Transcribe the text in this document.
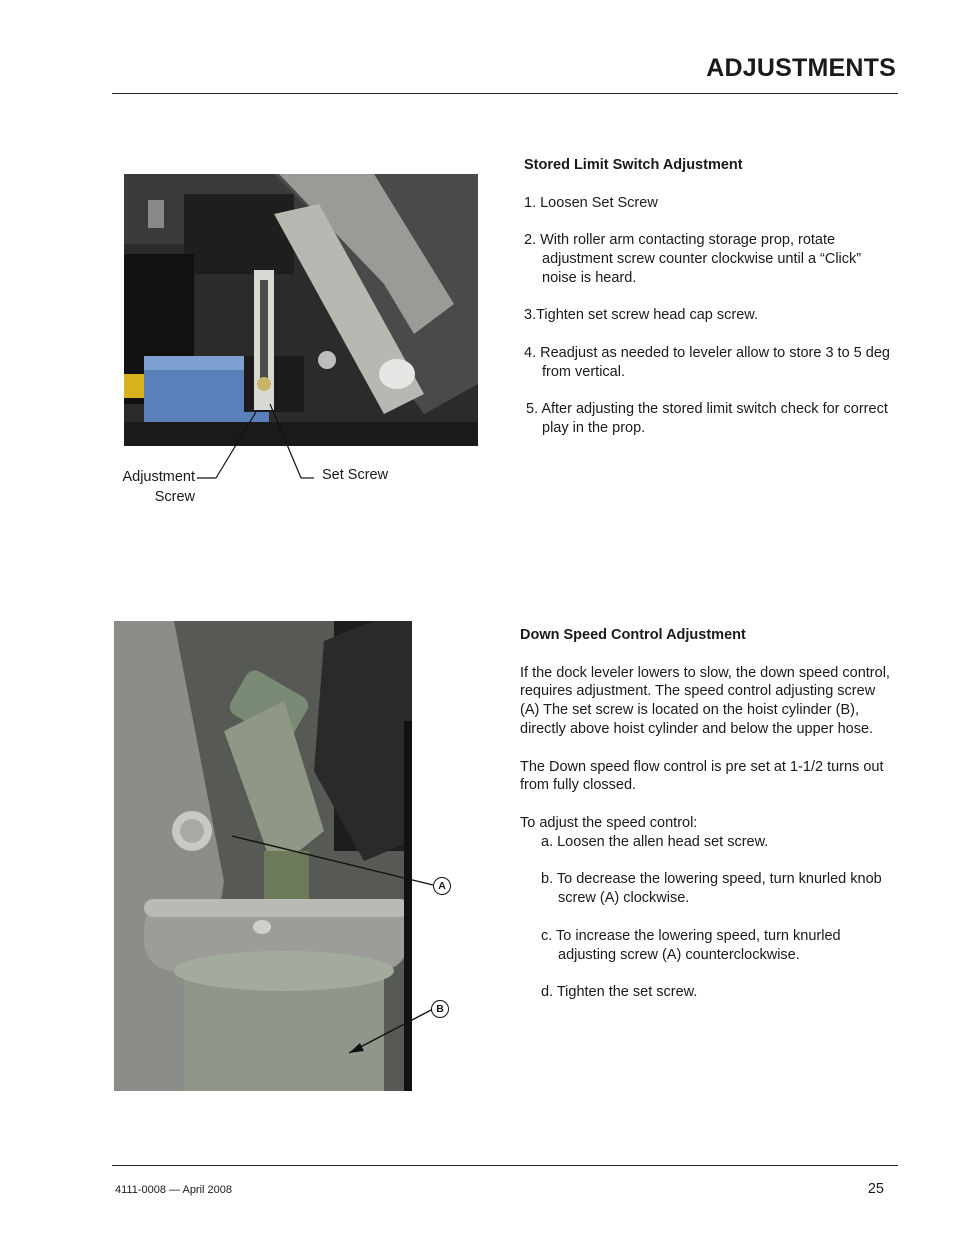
ADJUSTMENTS
Adjustment
Screw
Set Screw
Stored Limit Switch Adjustment
1. Loosen Set Screw
2. With roller arm contacting storage prop, rotate adjustment screw counter clockwise until a “Click” noise is heard.
3.Tighten set screw head cap screw.
4. Readjust as needed to leveler allow to store 3 to 5 deg from vertical.
5. After adjusting the stored limit switch check for correct play in the prop.
A
B
Down Speed Control Adjustment
If the dock leveler lowers to slow, the down speed control, requires adjustment. The speed control adjusting screw (A) The set screw is located on the hoist cylinder (B), directly above hoist cylinder and below the upper hose.
The Down speed flow control is pre set at 1-1/2 turns out from fully clossed.
To adjust the speed control:
a. Loosen the allen head set screw.
b. To decrease the lowering speed, turn knurled knob screw (A) clockwise.
c. To increase the lowering speed, turn knurled adjusting screw (A) counterclockwise.
d. Tighten the set screw.
4111-0008 — April 2008	25
